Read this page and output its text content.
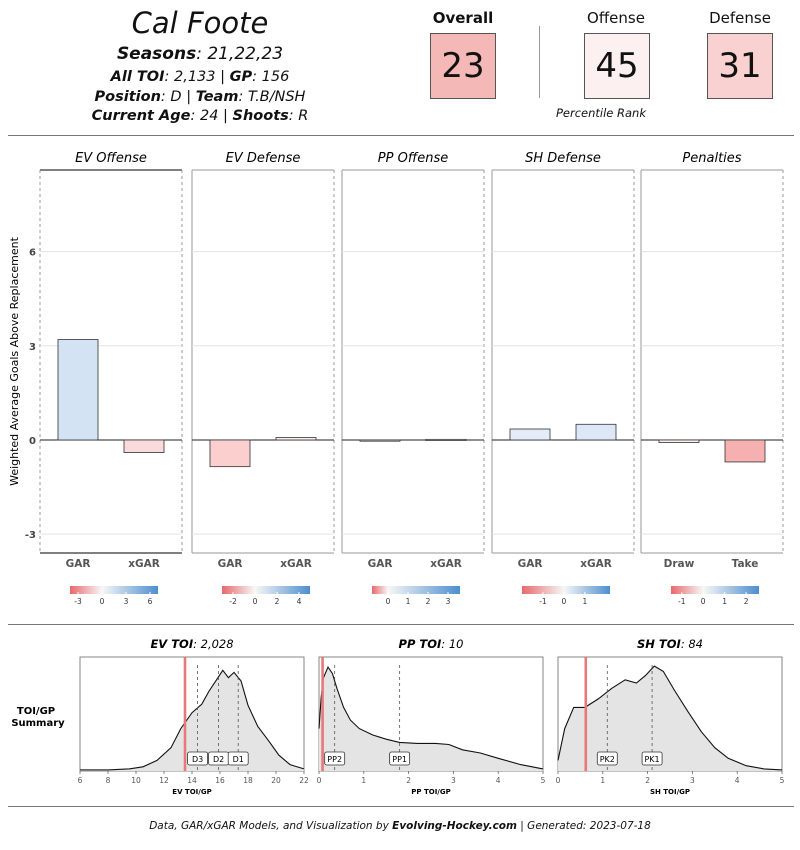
Cal Foote
Seasons: 21,22,23
All TOI: 2,133 | GP: 156
Position: D | Team: T.B/NSH
Current Age: 24 | Shoots: R
Overall
23
Offense
45
Defense
31
Percentile Rank
Weighted Average Goals Above Replacement 6
3
0
-3
EV Offense
GAR	xGAR
-3 0	3	6
EV Defense
GAR	xGAR
-2 0 2 4
PP Offense
GAR	xGAR
0 1 2 3
SH Defense
GAR	xGAR
-1 0 1
Penalties
Draw	Take
-1 0 1 2
TOI/GP
Summary
EV TOI: 2,028
D3 D2 D1
6	8	10 12 14 16 18 20 22
EV TOI/GP
PP TOI: 10
PP2	PP1
0	1	2	3	4	5
PP TOI/GP
SH TOI: 84
PK2	PK1
0	1	2	3	4	5
SH TOI/GP
Data, GAR/xGAR Models, and Visualization by Evolving-Hockey.com | Generated: 2023-07-18
